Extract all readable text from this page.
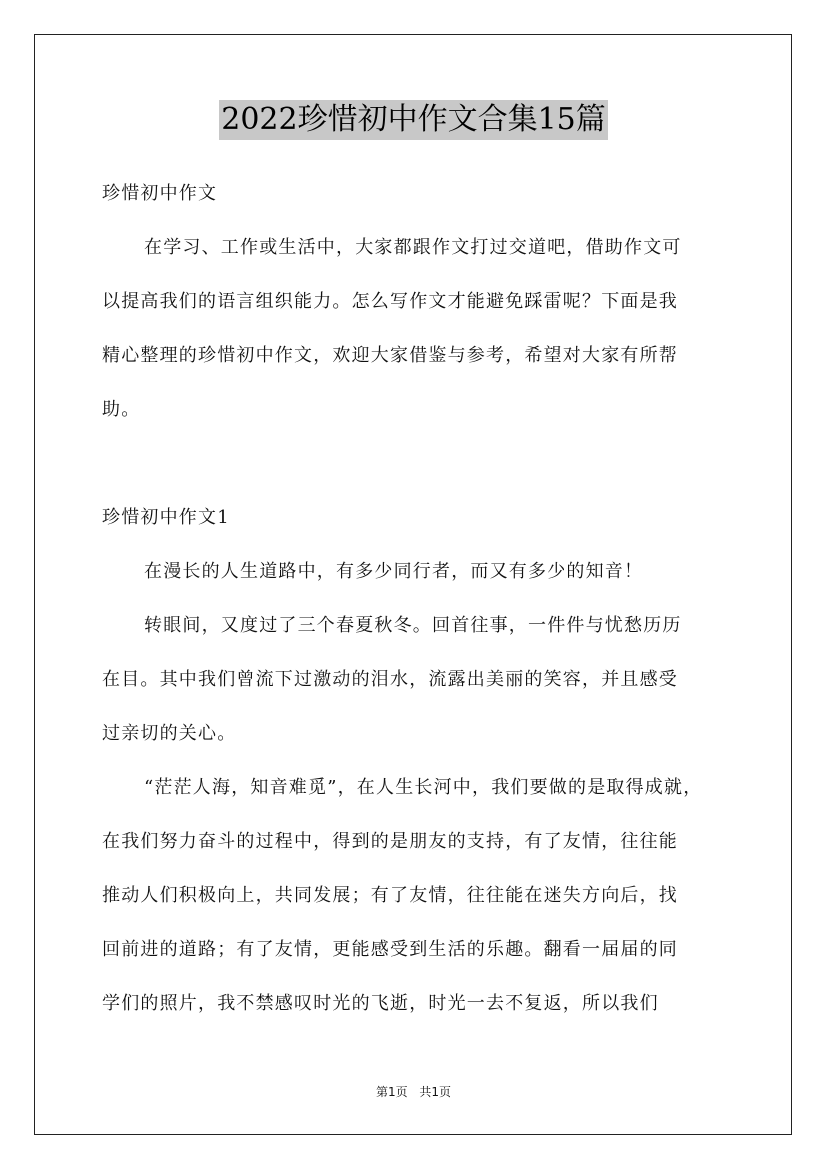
2022珍惜初中作文合集15篇
珍惜初中作文
在学习、工作或生活中，大家都跟作文打过交道吧，借助作文可
以提高我们的语言组织能力。怎么写作文才能避免踩雷呢？下面是我
精心整理的珍惜初中作文，欢迎大家借鉴与参考，希望对大家有所帮
助。
珍惜初中作文1
在漫长的人生道路中，有多少同行者，而又有多少的知音！
转眼间，又度过了三个春夏秋冬。回首往事，一件件与忧愁历历
在目。其中我们曾流下过激动的泪水，流露出美丽的笑容，并且感受
过亲切的关心。
“茫茫人海，知音难觅”，在人生长河中，我们要做的是取得成就，
在我们努力奋斗的过程中，得到的是朋友的支持，有了友情，往往能
推动人们积极向上，共同发展；有了友情，往往能在迷失方向后，找
回前进的道路；有了友情，更能感受到生活的乐趣。翻看一届届的同
学们的照片，我不禁感叹时光的飞逝，时光一去不复返，所以我们
第1页 共1页
